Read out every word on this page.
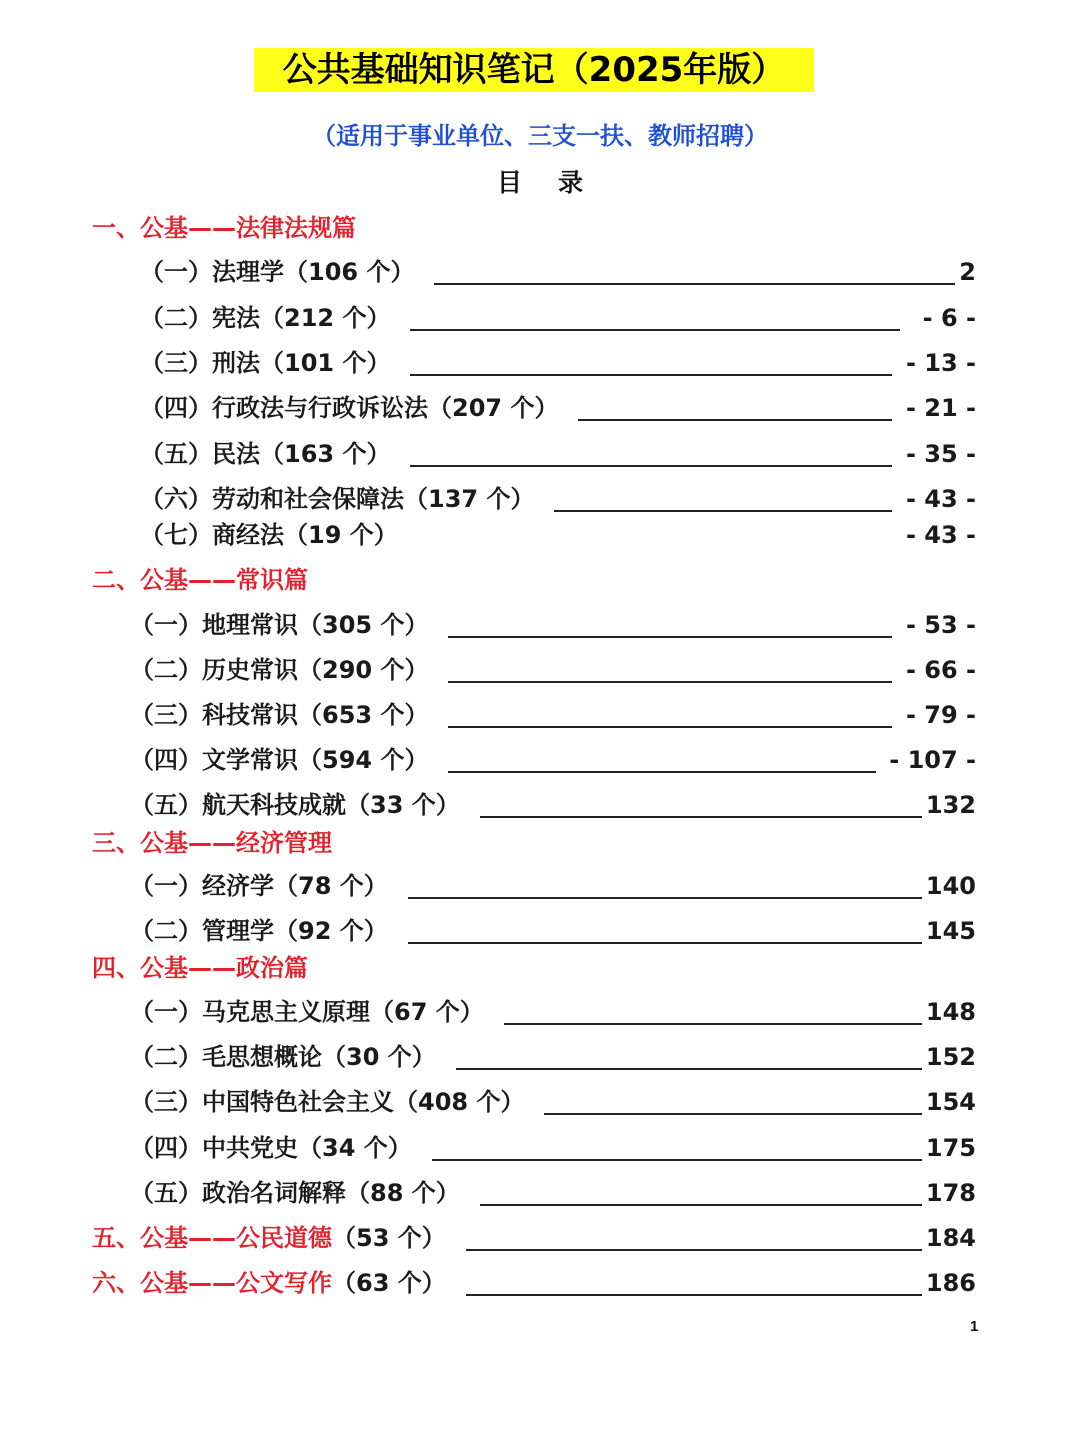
公共基础知识笔记（2025年版）
（适用于事业单位、三支一扶、教师招聘）
目录
一、公基——法律法规篇
（一）法理学（106 个）	2
（二）宪法（212 个）	- 6 -
（三）刑法（101 个）	- 13 -
（四）行政法与行政诉讼法（207 个）	- 21 -
（五）民法（163 个）	- 35 -
（六）劳动和社会保障法（137 个）	- 43 -
（七）商经法（19 个）	- 43 -
二、公基——常识篇
（一）地理常识（305 个）	- 53 -
（二）历史常识（290 个）	- 66 -
（三）科技常识（653 个）	- 79 -
（四）文学常识（594 个）	- 107 -
（五）航天科技成就（33 个）	132
三、公基——经济管理
（一）经济学（78 个）	140
（二）管理学（92 个）	145
四、公基——政治篇
（一）马克思主义原理（67 个）	148
（二）毛思想概论（30 个）	152
（三）中国特色社会主义（408 个）	154
（四）中共党史（34 个）	175
（五）政治名词解释（88 个）	178
五、公基——公民道德 （53 个）	184
六、公基——公文写作 （63 个）	186
1
